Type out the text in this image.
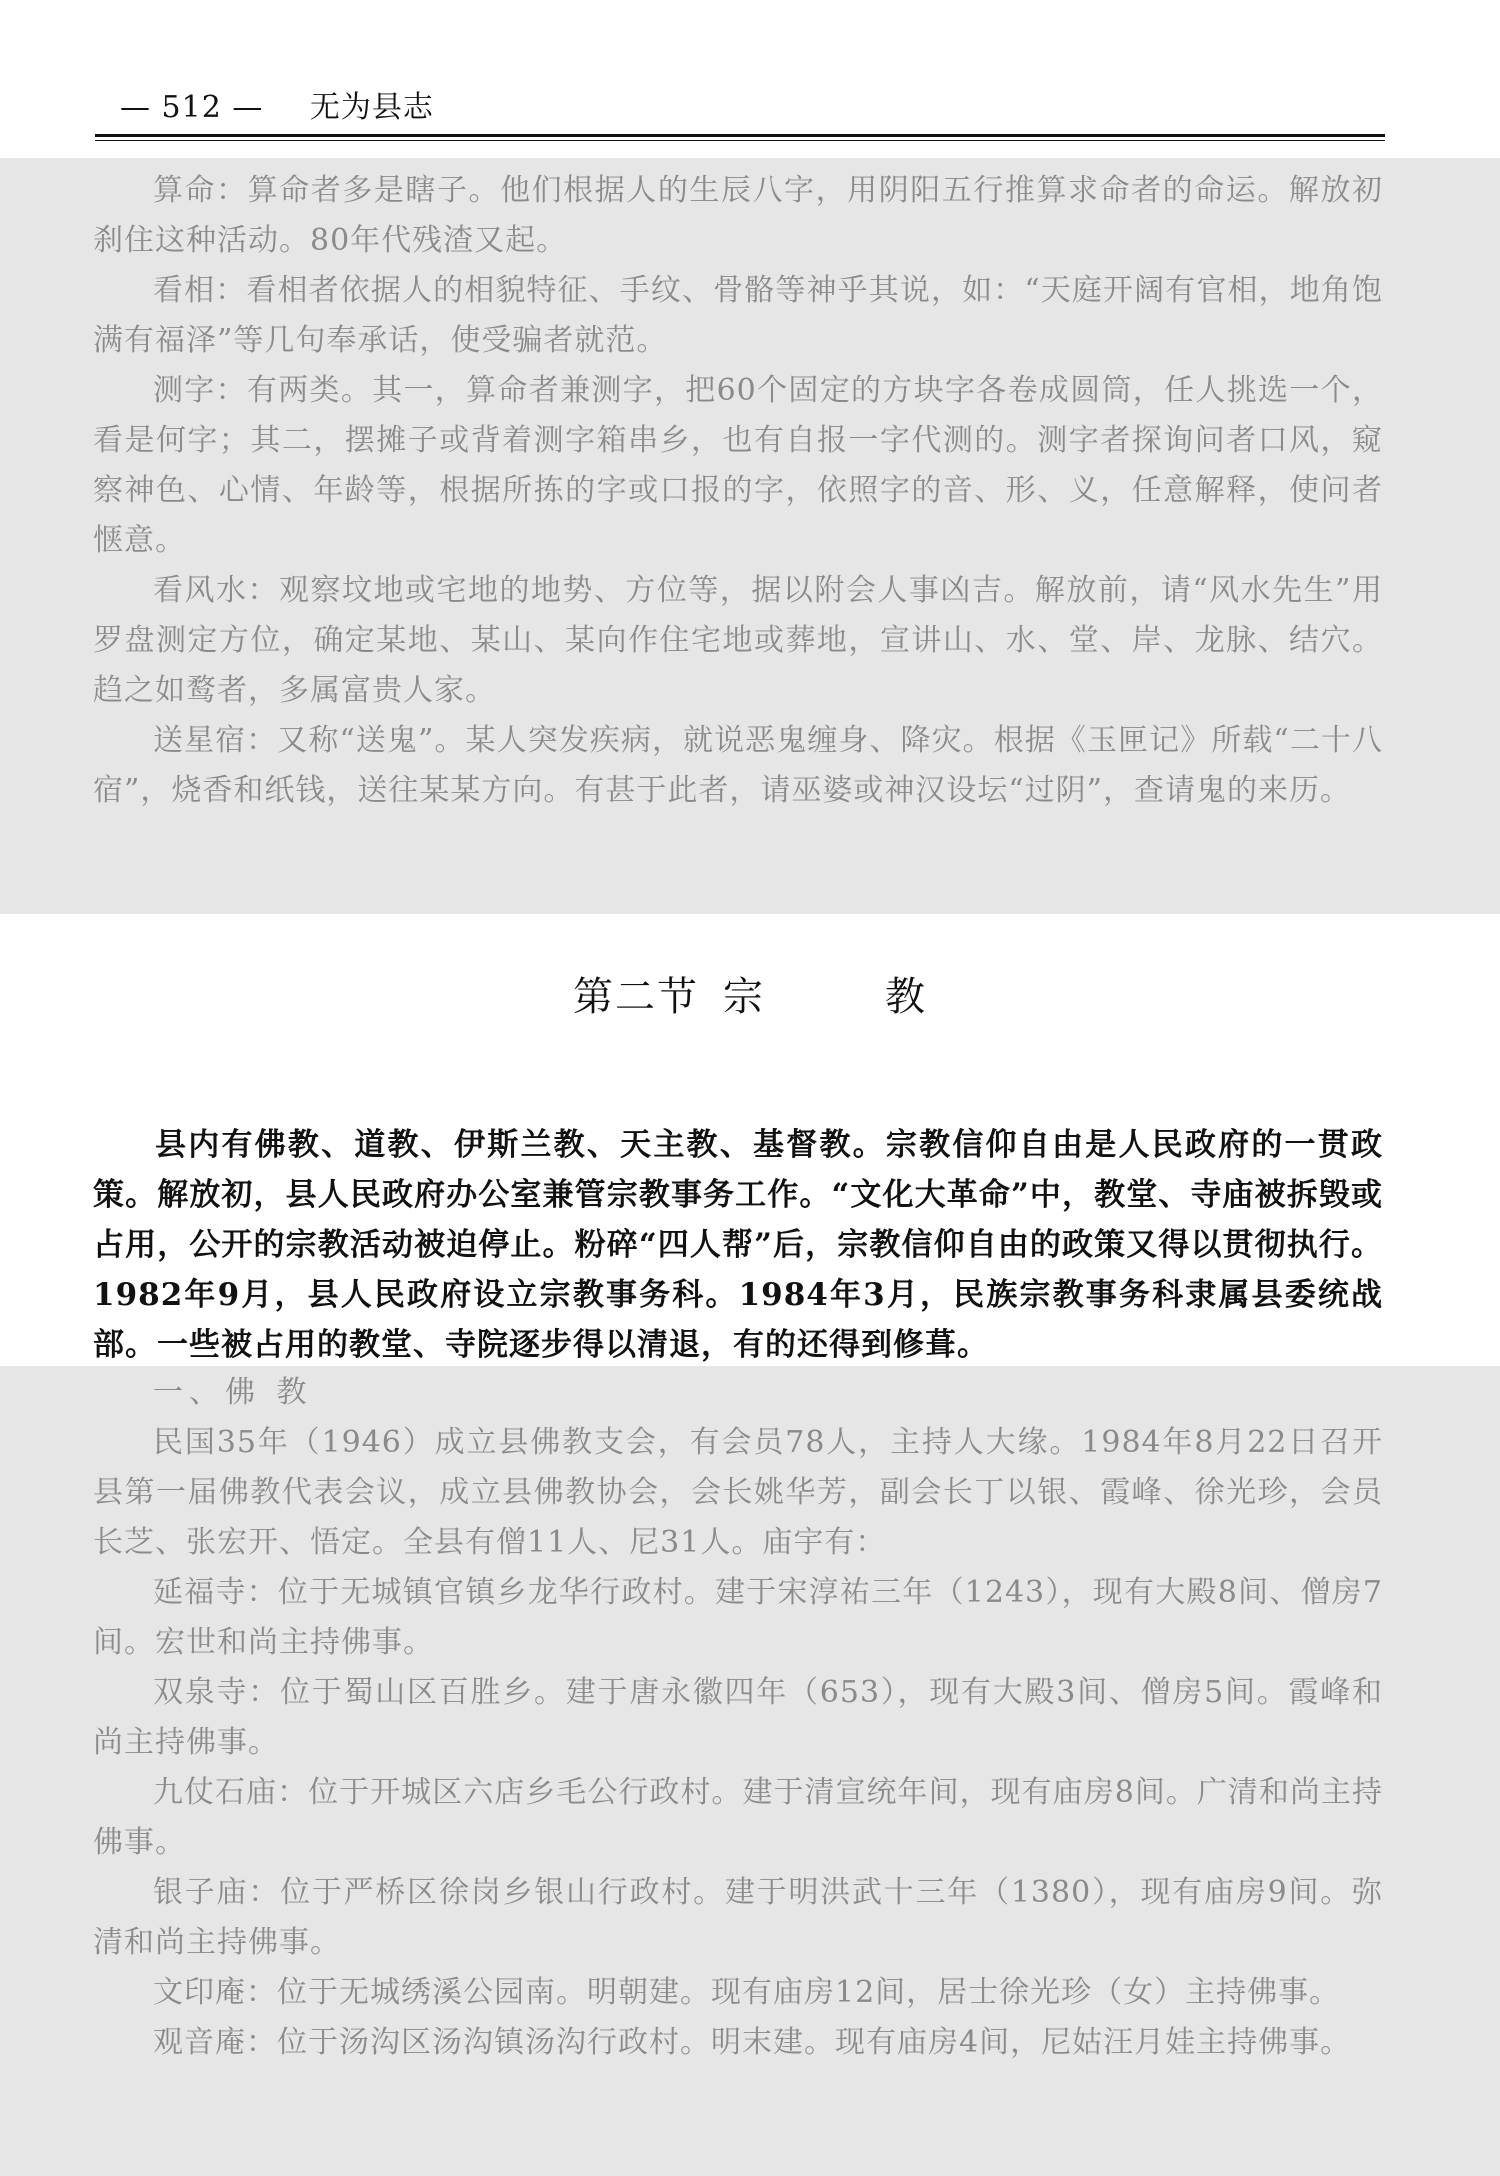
— 512 — 无为县志

算命：算命者多是瞎子。他们根据人的生辰八字，用阴阳五行推算求命者的命运。解放初刹住这种活动。80年代残渣又起。

看相：看相者依据人的相貌特征、手纹、骨骼等神乎其说，如：“天庭开阔有官相，地角饱满有福泽”等几句奉承话，使受骗者就范。

测字：有两类。其一，算命者兼测字，把60个固定的方块字各卷成圆筒，任人挑选一个，看是何字；其二，摆摊子或背着测字箱串乡，也有自报一字代测的。测字者探询问者口风，窥察神色、心情、年龄等，根据所拣的字或口报的字，依照字的音、形、义，任意解释，使问者惬意。

看风水：观察坟地或宅地的地势、方位等，据以附会人事凶吉。解放前，请“风水先生”用罗盘测定方位，确定某地、某山、某向作住宅地或葬地，宣讲山、水、堂、岸、龙脉、结穴。趋之如鹜者，多属富贵人家。

送星宿：又称“送鬼”。某人突发疾病，就说恶鬼缠身、降灾。根据《玉匣记》所载“二十八宿”，烧香和纸钱，送往某某方向。有甚于此者，请巫婆或神汉设坛“过阴”，查请鬼的来历。

第二节 宗	教

县内有佛教、道教、伊斯兰教、天主教、基督教。宗教信仰自由是人民政府的一贯政策。解放初，县人民政府办公室兼管宗教事务工作。“文化大革命”中，教堂、寺庙被拆毁或占用，公开的宗教活动被迫停止。粉碎“四人帮”后，宗教信仰自由的政策又得以贯彻执行。1982年9月，县人民政府设立宗教事务科。1984年3月，民族宗教事务科隶属县委统战部。一些被占用的教堂、寺院逐步得以清退，有的还得到修葺。

一、佛 教

民国35年（1946）成立县佛教支会，有会员78人，主持人大缘。1984年8月22日召开县第一届佛教代表会议，成立县佛教协会，会长姚华芳，副会长丁以银、霞峰、徐光珍，会员长芝、张宏开、悟定。全县有僧11人、尼31人。庙宇有：

延福寺：位于无城镇官镇乡龙华行政村。建于宋淳祐三年（1243），现有大殿8间、僧房7间。宏世和尚主持佛事。

双泉寺：位于蜀山区百胜乡。建于唐永徽四年（653），现有大殿3间、僧房5间。霞峰和尚主持佛事。

九仗石庙：位于开城区六店乡毛公行政村。建于清宣统年间，现有庙房8间。广清和尚主持佛事。

银子庙：位于严桥区徐岗乡银山行政村。建于明洪武十三年（1380），现有庙房9间。弥清和尚主持佛事。

文印庵：位于无城绣溪公园南。明朝建。现有庙房12间，居士徐光珍（女）主持佛事。

观音庵：位于汤沟区汤沟镇汤沟行政村。明末建。现有庙房4间，尼姑汪月娃主持佛事。
